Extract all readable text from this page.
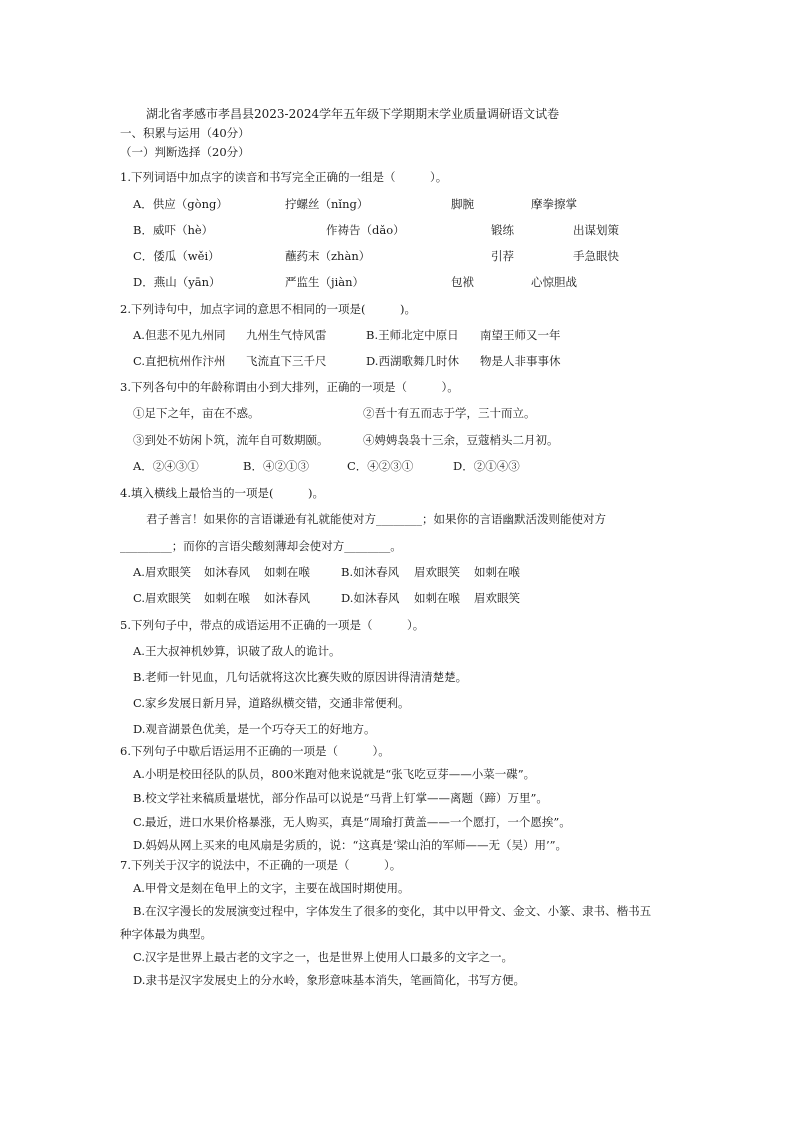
湖北省孝感市孝昌县2023-2024学年五年级下学期期末学业质量调研语文试卷
一、积累与运用（40分）
（一）判断选择（20分）
1.下列词语中加点字的读音和书写完全正确的一组是（　　　）。
A．供应（gòng）	拧螺丝（nǐng）	脚腕	摩拳擦掌
B．威吓（hè）	作祷告（dǎo）	锻练	出谋划策
C．倭瓜（wěi）	蘸药末（zhàn）	引荐	手急眼快
D．燕山（yān）	严监生（jiàn）	包袱	心惊胆战
2.下列诗句中，加点字词的意思不相同的一项是(　　　)。
A.但悲不见九州同 九州生气恃风雷	B.王师北定中原日 南望王师又一年
C.直把杭州作汴州 飞流直下三千尺	D.西湖歌舞几时休 物是人非事事休
3.下列各句中的年龄称谓由小到大排列，正确的一项是（　　　）。
①足下之年，亩在不惑。	②吾十有五而志于学，三十而立。
③到处不妨闲卜筑，流年自可数期颐。	④娉娉袅袅十三余，豆蔻梢头二月初。
A．②④③①	B．④②①③	C．④②③①	D．②①④③
4.填入横线上最恰当的一项是(　　　)。
君子善言！如果你的言语谦逊有礼就能使对方________；如果你的言语幽默活泼则能使对方
_________；而你的言语尖酸刻薄却会使对方________。
A.眉欢眼笑 如沐春风 如刺在喉	B.如沐春风 眉欢眼笑 如刺在喉
C.眉欢眼笑 如刺在喉 如沐春风	D.如沐春风 如刺在喉 眉欢眼笑
5.下列句子中，带点的成语运用不正确的一项是（　　　）。
A.王大叔神机妙算，识破了敌人的诡计。
B.老师一针见血，几句话就将这次比赛失败的原因讲得清清楚楚。
C.家乡发展日新月异，道路纵横交错，交通非常便利。
D.观音湖景色优美，是一个巧夺天工的好地方。
6.下列句子中歇后语运用不正确的一项是（　　　）。
A.小明是校田径队的队员，800米跑对他来说就是“张飞吃豆芽——小菜一碟”。
B.校文学社来稿质量堪忧，部分作品可以说是“马背上钉掌——离题（蹄）万里”。
C.最近，进口水果价格暴涨，无人购买，真是“周瑜打黄盖——一个愿打，一个愿挨”。
D.妈妈从网上买来的电风扇是劣质的，说：“这真是‘梁山泊的军师——无（吴）用’”。
7.下列关于汉字的说法中，不正确的一项是（　　　）。
A.甲骨文是刻在龟甲上的文字，主要在战国时期使用。
B.在汉字漫长的发展演变过程中，字体发生了很多的变化，其中以甲骨文、金文、小篆、隶书、楷书五
种字体最为典型。
C.汉字是世界上最古老的文字之一，也是世界上使用人口最多的文字之一。
D.隶书是汉字发展史上的分水岭，象形意味基本消失，笔画简化，书写方便。
